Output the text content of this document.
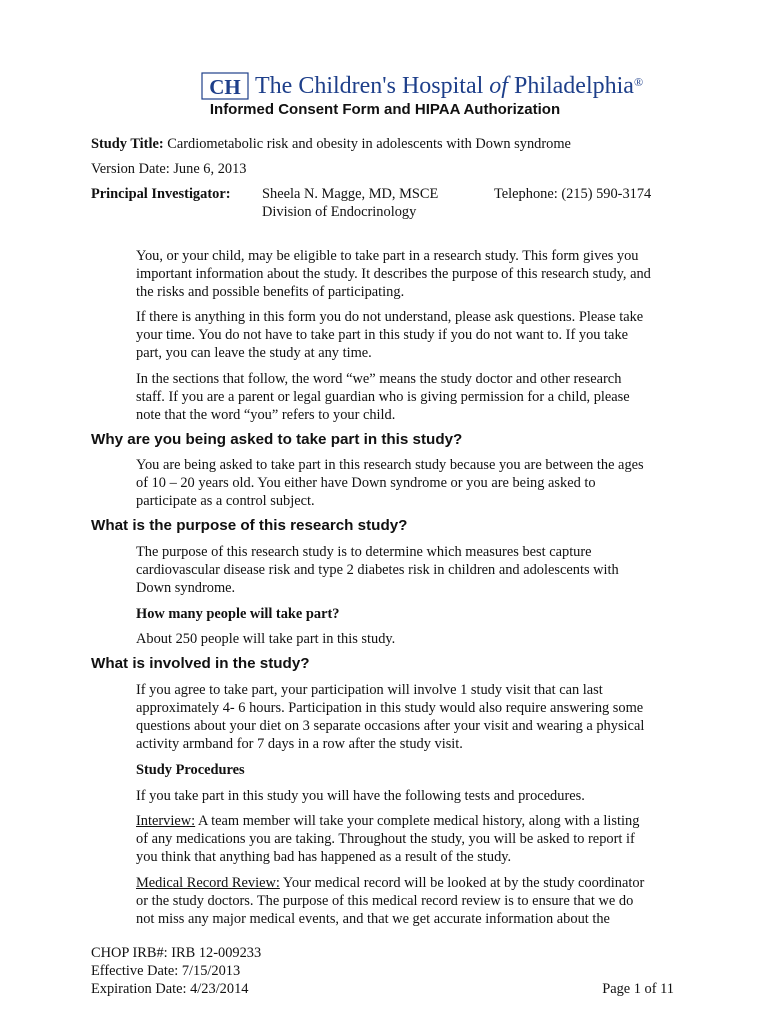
CH The Children's Hospital of Philadelphia®
Informed Consent Form and HIPAA Authorization
Study Title: Cardiometabolic risk and obesity in adolescents with Down syndrome
Version Date: June 6, 2013
Principal Investigator: Sheela N. Magge, MD, MSCE
Division of Endocrinology
Telephone: (215) 590-3174
You, or your child, may be eligible to take part in a research study. This form gives you
important information about the study. It describes the purpose of this research study, and
the risks and possible benefits of participating.
If there is anything in this form you do not understand, please ask questions. Please take
your time. You do not have to take part in this study if you do not want to. If you take
part, you can leave the study at any time.
In the sections that follow, the word “we” means the study doctor and other research
staff. If you are a parent or legal guardian who is giving permission for a child, please
note that the word “you” refers to your child.
Why are you being asked to take part in this study?
You are being asked to take part in this research study because you are between the ages
of 10 – 20 years old. You either have Down syndrome or you are being asked to
participate as a control subject.
What is the purpose of this research study?
The purpose of this research study is to determine which measures best capture
cardiovascular disease risk and type 2 diabetes risk in children and adolescents with
Down syndrome.
How many people will take part?
About 250 people will take part in this study.
What is involved in the study?
If you agree to take part, your participation will involve 1 study visit that can last
approximately 4- 6 hours. Participation in this study would also require answering some
questions about your diet on 3 separate occasions after your visit and wearing a physical
activity armband for 7 days in a row after the study visit.
Study Procedures
If you take part in this study you will have the following tests and procedures.
Interview: A team member will take your complete medical history, along with a listing
of any medications you are taking. Throughout the study, you will be asked to report if
you think that anything bad has happened as a result of the study.
Medical Record Review: Your medical record will be looked at by the study coordinator
or the study doctors. The purpose of this medical record review is to ensure that we do
not miss any major medical events, and that we get accurate information about the
CHOP IRB#: IRB 12-009233
Effective Date: 7/15/2013
Expiration Date: 4/23/2014	Page 1 of 11
